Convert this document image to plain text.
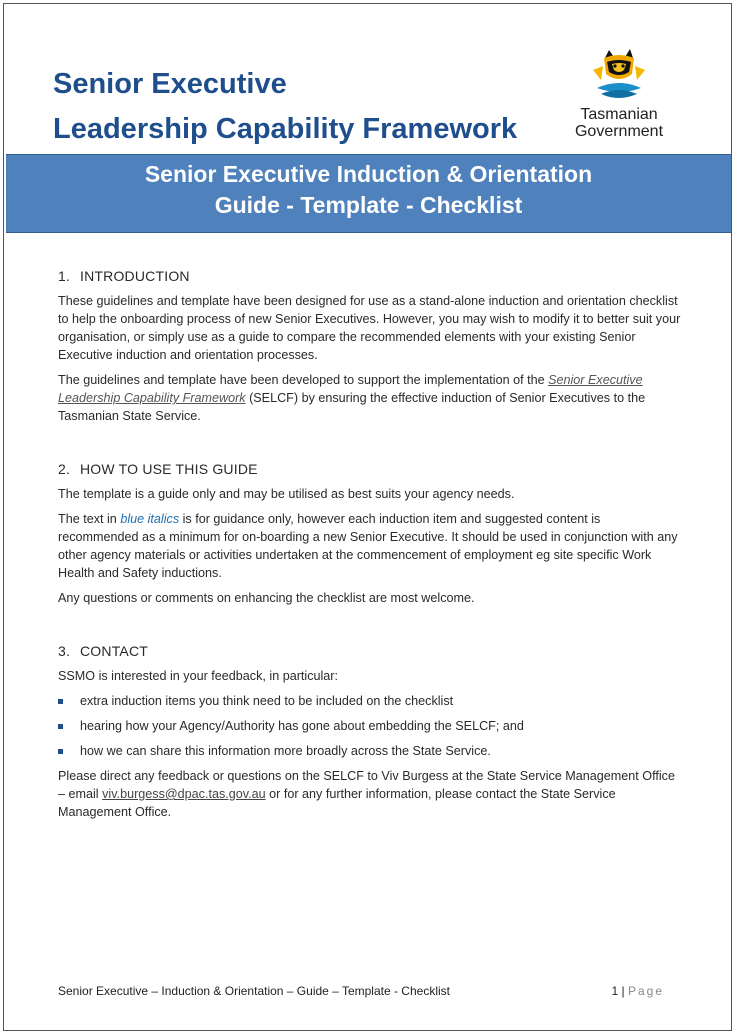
Senior Executive
Leadership Capability Framework	Tasmanian
Government
Senior Executive Induction & Orientation
Guide - Template - Checklist
1. INTRODUCTION

These guidelines and template have been designed for use as a stand-alone induction and orientation checklist to help the onboarding process of new Senior Executives. However, you may wish to modify it to better suit your organisation, or simply use as a guide to compare the recommended elements with your existing Senior Executive induction and orientation processes.

The guidelines and template have been developed to support the implementation of the Senior Executive Leadership Capability Framework (SELCF) by ensuring the effective induction of Senior Executives to the Tasmanian State Service.

2. HOW TO USE THIS GUIDE

The template is a guide only and may be utilised as best suits your agency needs.

The text in blue italics is for guidance only, however each induction item and suggested content is recommended as a minimum for on-boarding a new Senior Executive. It should be used in conjunction with any other agency materials or activities undertaken at the commencement of employment eg site specific Work Health and Safety inductions.

Any questions or comments on enhancing the checklist are most welcome.

3. CONTACT

SSMO is interested in your feedback, in particular:

extra induction items you think need to be included on the checklist
hearing how your Agency/Authority has gone about embedding the SELCF; and
how we can share this information more broadly across the State Service.

Please direct any feedback or questions on the SELCF to Viv Burgess at the State Service Management Office – email viv.burgess@dpac.tas.gov.au or for any further information, please contact the State Service Management Office.

Senior Executive – Induction & Orientation – Guide – Template - Checklist	1 | Page
